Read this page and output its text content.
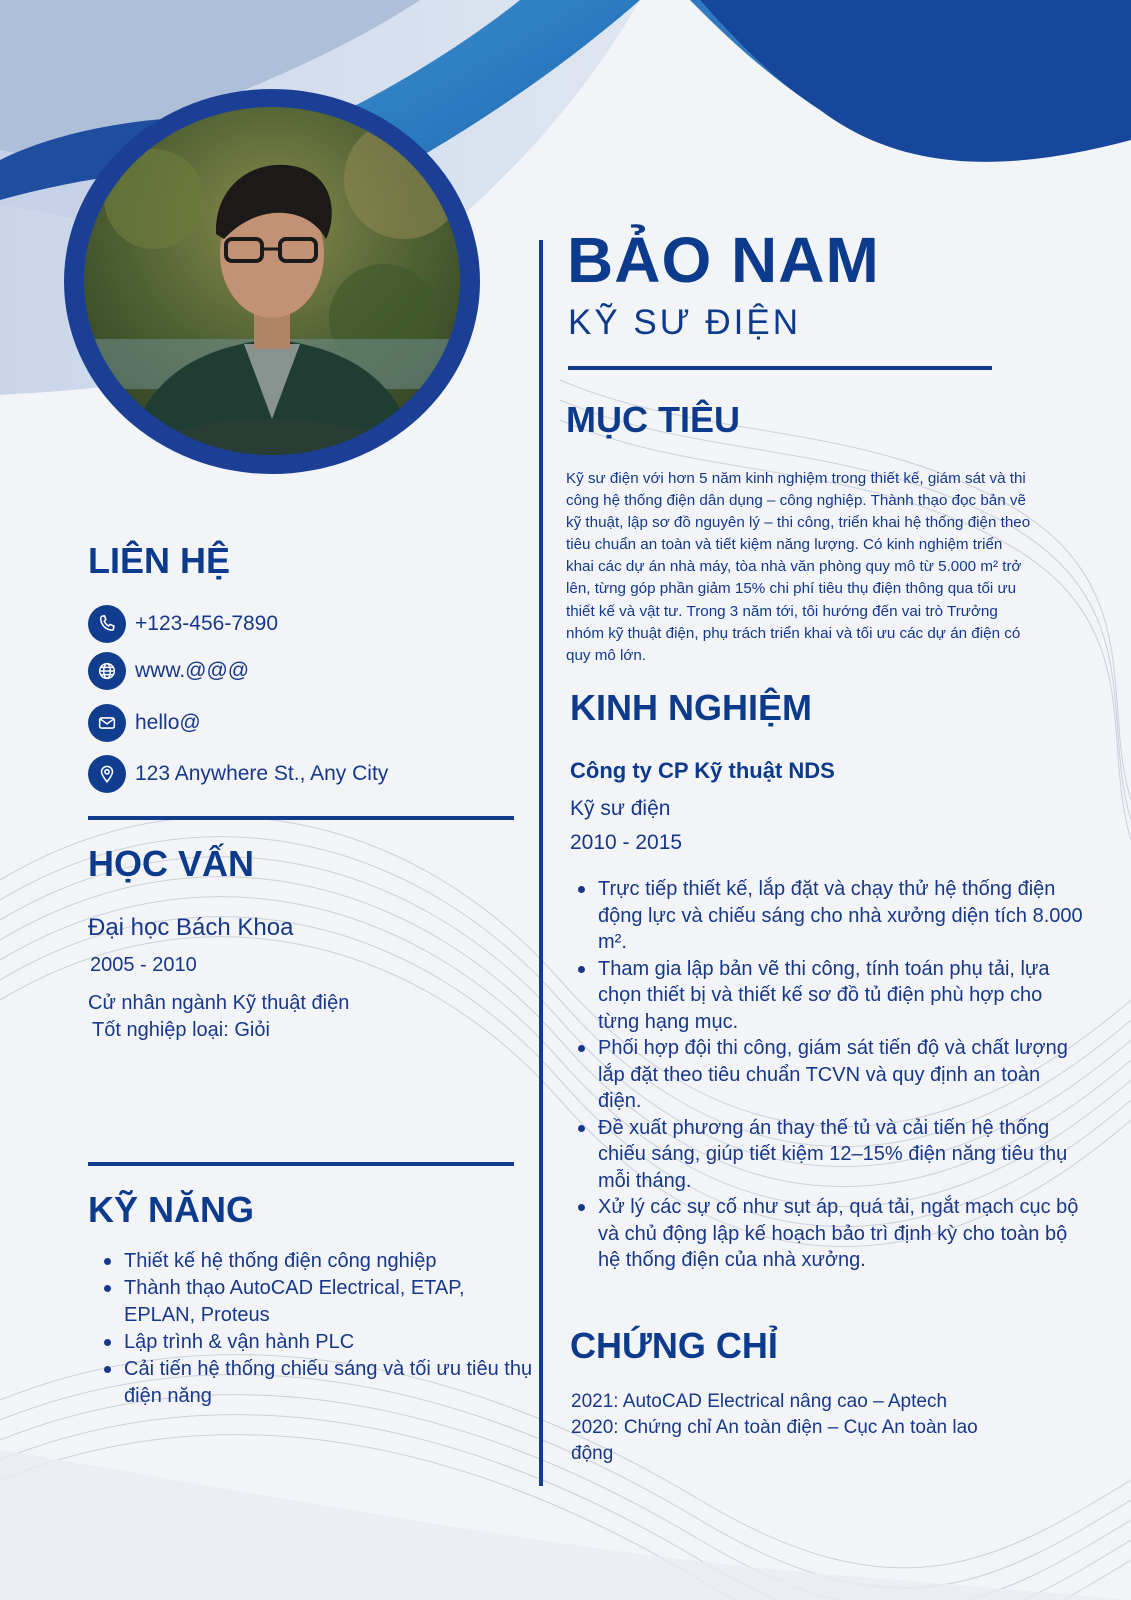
BẢO NAM
KỸ SƯ ĐIỆN
MỤC TIÊU
Kỹ sư điện với hơn 5 năm kinh nghiệm trong thiết kế, giám sát và thi
công hệ thống điện dân dụng – công nghiệp. Thành thạo đọc bản vẽ
kỹ thuật, lập sơ đồ nguyên lý – thi công, triển khai hệ thống điện theo
tiêu chuẩn an toàn và tiết kiệm năng lượng. Có kinh nghiệm triển
khai các dự án nhà máy, tòa nhà văn phòng quy mô từ 5.000 m² trở
lên, từng góp phần giảm 15% chi phí tiêu thụ điện thông qua tối ưu
thiết kế và vật tư. Trong 3 năm tới, tôi hướng đến vai trò Trưởng
nhóm kỹ thuật điện, phụ trách triển khai và tối ưu các dự án điện có
quy mô lớn.
LIÊN HỆ
+123-456-7890
www.@@@
hello@
123 Anywhere St., Any City
HỌC VẤN
Đại học Bách Khoa
2005 - 2010
Cử nhân ngành Kỹ thuật điện
Tốt nghiệp loại: Giỏi
KỸ NĂNG
Thiết kế hệ thống điện công nghiệp
Thành thạo AutoCAD Electrical, ETAP, EPLAN, Proteus
Lập trình & vận hành PLC
Cải tiến hệ thống chiếu sáng và tối ưu tiêu thụ điện năng
KINH NGHIỆM
Công ty CP Kỹ thuật NDS
Kỹ sư điện
2010 - 2015
Trực tiếp thiết kế, lắp đặt và chạy thử hệ thống điện động lực và chiếu sáng cho nhà xưởng diện tích 8.000 m².
Tham gia lập bản vẽ thi công, tính toán phụ tải, lựa chọn thiết bị và thiết kế sơ đồ tủ điện phù hợp cho từng hạng mục.
Phối hợp đội thi công, giám sát tiến độ và chất lượng lắp đặt theo tiêu chuẩn TCVN và quy định an toàn điện.
Đề xuất phương án thay thế tủ và cải tiến hệ thống chiếu sáng, giúp tiết kiệm 12–15% điện năng tiêu thụ mỗi tháng.
Xử lý các sự cố như sụt áp, quá tải, ngắt mạch cục bộ và chủ động lập kế hoạch bảo trì định kỳ cho toàn bộ hệ thống điện của nhà xưởng.
CHỨNG CHỈ
2021: AutoCAD Electrical nâng cao – Aptech
2020: Chứng chỉ An toàn điện – Cục An toàn lao
động
